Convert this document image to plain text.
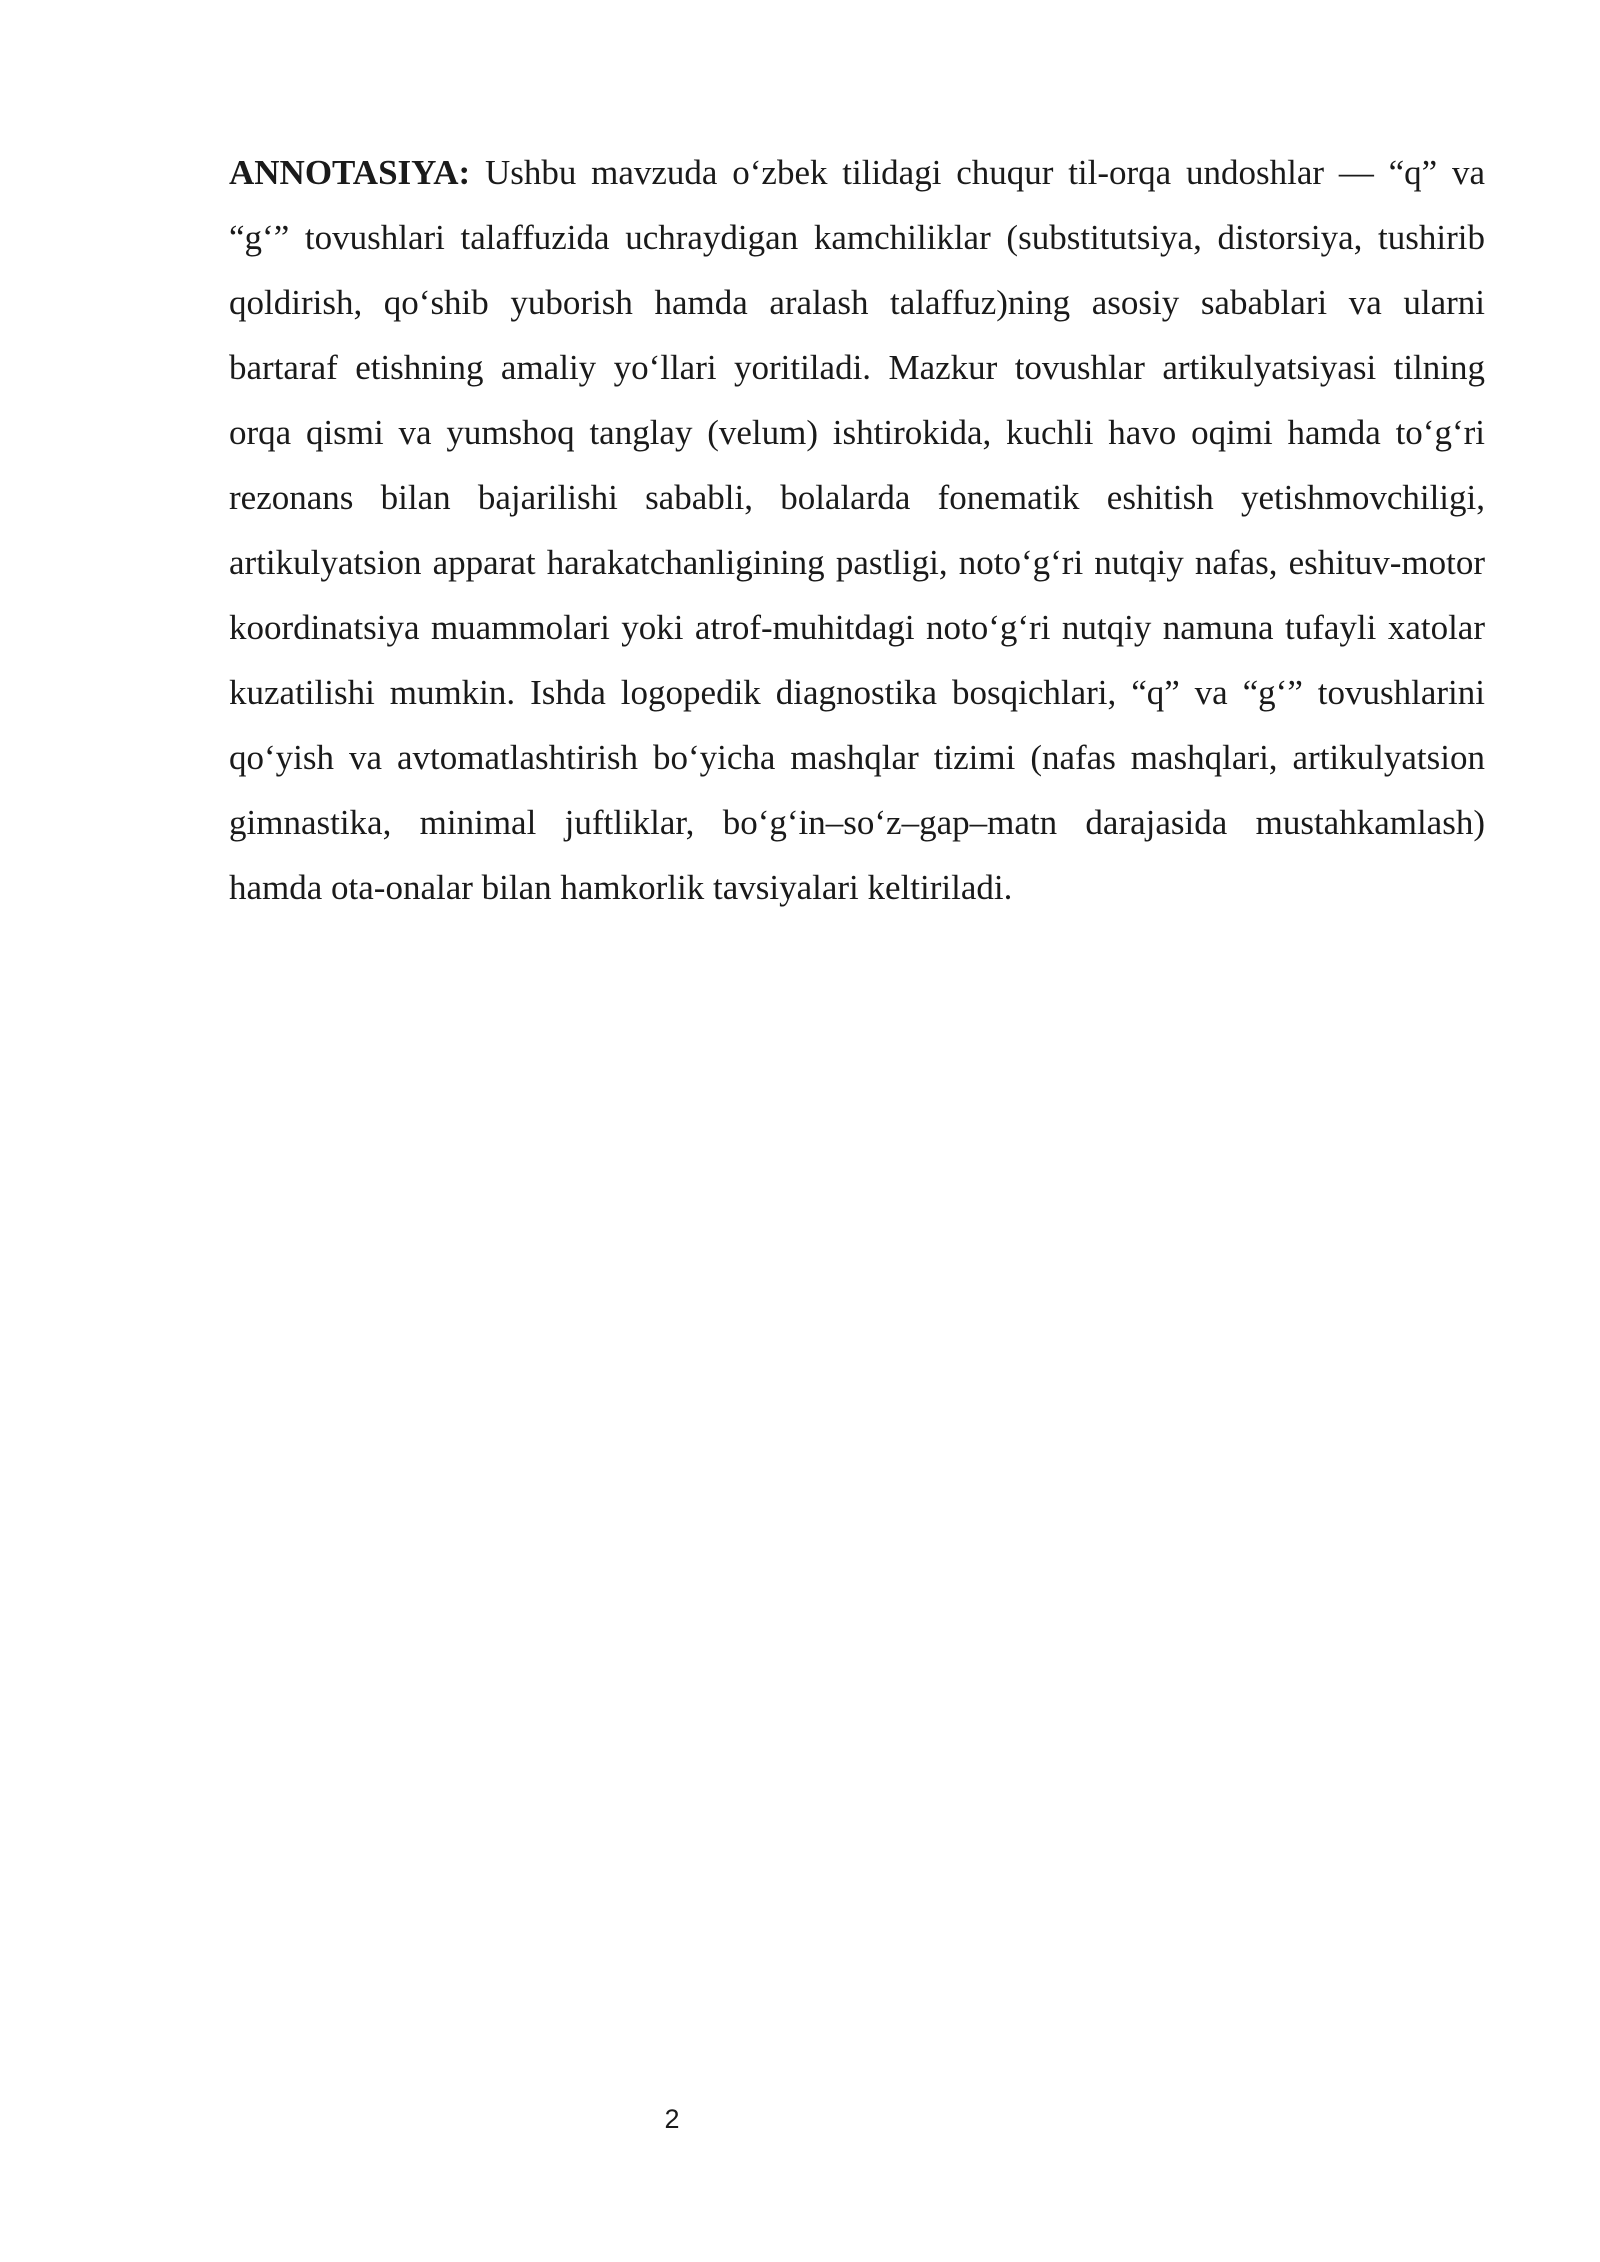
ANNOTASIYA: Ushbu mavzuda o‘zbek tilidagi chuqur til-orqa undoshlar — “q” va “g‘” tovushlari talaffuzida uchraydigan kamchiliklar (substitutsiya, distorsiya, tushirib qoldirish, qo‘shib yuborish hamda aralash talaffuz)ning asosiy sabablari va ularni bartaraf etishning amaliy yo‘llari yoritiladi. Mazkur tovushlar artikulyatsiyasi tilning orqa qismi va yumshoq tanglay (velum) ishtirokida, kuchli havo oqimi hamda to‘g‘ri rezonans bilan bajarilishi sababli, bolalarda fonematik eshitish yetishmovchiligi, artikulyatsion apparat harakatchanligining pastligi, noto‘g‘ri nutqiy nafas, eshituv-motor koordinatsiya muammolari yoki atrof-muhitdagi noto‘g‘ri nutqiy namuna tufayli xatolar kuzatilishi mumkin. Ishda logopedik diagnostika bosqichlari, “q” va “g‘” tovushlarini qo‘yish va avtomatlashtirish bo‘yicha mashqlar tizimi (nafas mashqlari, artikulyatsion gimnastika, minimal juftliklar, bo‘g‘in–so‘z–gap–matn darajasida mustahkamlash) hamda ota-onalar bilan hamkorlik tavsiyalari keltiriladi.

2
